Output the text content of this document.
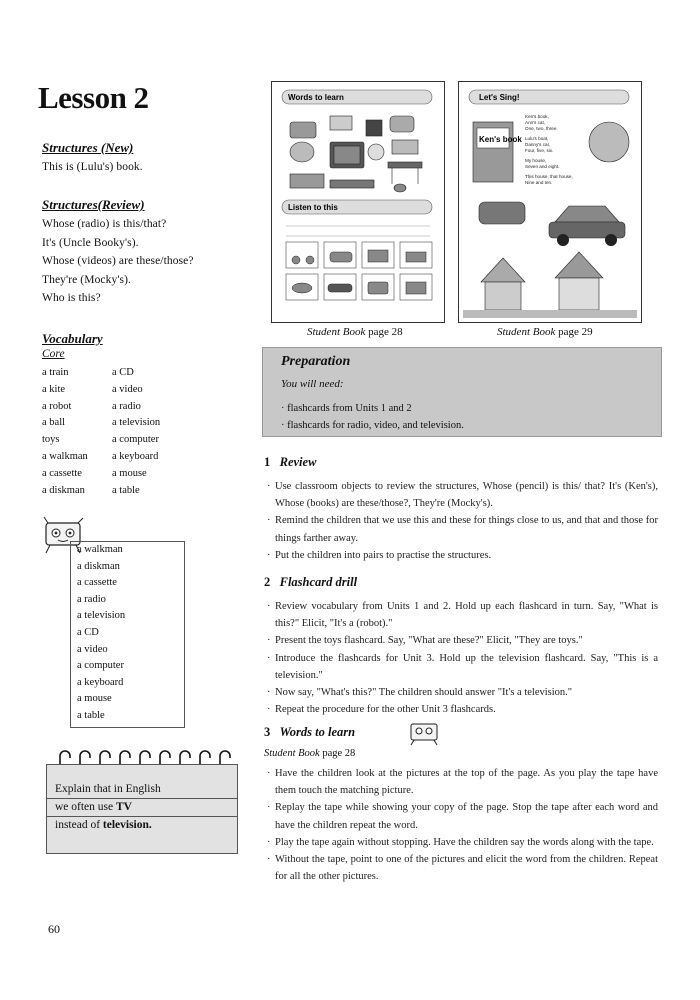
Lesson 2
Structures (New)
This is (Lulu's) book.
Structures(Review)
Whose (radio) is this/that?
It's (Uncle Booky's).
Whose (videos) are these/those?
They're (Mocky's).
Who is this?
Vocabulary
Core
a train
a kite
a robot
a ball
toys
a walkman
a cassette
a diskman
a CD
a video
a radio
a television
a computer
a keyboard
a mouse
a table
a walkman
a diskman
a cassette
a radio
a television
a CD
a video
a computer
a keyboard
a mouse
a table
Explain that in English
we often use TV
instead of television.
60
Words to learn
Listen to this
Student Book page 28
Let's Sing!
Ken's book
Ken's book,
Ann's cat,
One, two, three.
Lulu's boat,
Danny's car,
Four, five, six.
My house,
Seven and eight.
This house, that house,
Nine and ten.
Student Book page 29
Preparation
You will need:
· flashcards from Units 1 and 2
· flashcards for radio, video, and television.
1 Review
· Use classroom objects to review the structures, Whose (pencil) is this/ that? It's (Ken's), Whose (books) are these/those?, They're (Mocky's).
· Remind the children that we use this and these for things close to us, and that and those for things farther away.
· Put the children into pairs to practise the structures.
2 Flashcard drill
· Review vocabulary from Units 1 and 2. Hold up each flashcard in turn. Say, "What is this?" Elicit, "It's a (robot)."
· Present the toys flashcard. Say, "What are these?" Elicit, "They are toys."
· Introduce the flashcards for Unit 3. Hold up the television flashcard. Say, "This is a television."
· Now say, "What's this?" The children should answer "It's a television."
· Repeat the procedure for the other Unit 3 flashcards.
3 Words to learn
Student Book page 28
· Have the children look at the pictures at the top of the page. As you play the tape have them touch the matching picture.
· Replay the tape while showing your copy of the page. Stop the tape after each word and have the children repeat the word.
· Play the tape again without stopping. Have the children say the words along with the tape.
· Without the tape, point to one of the pictures and elicit the word from the children. Repeat for all the other pictures.
